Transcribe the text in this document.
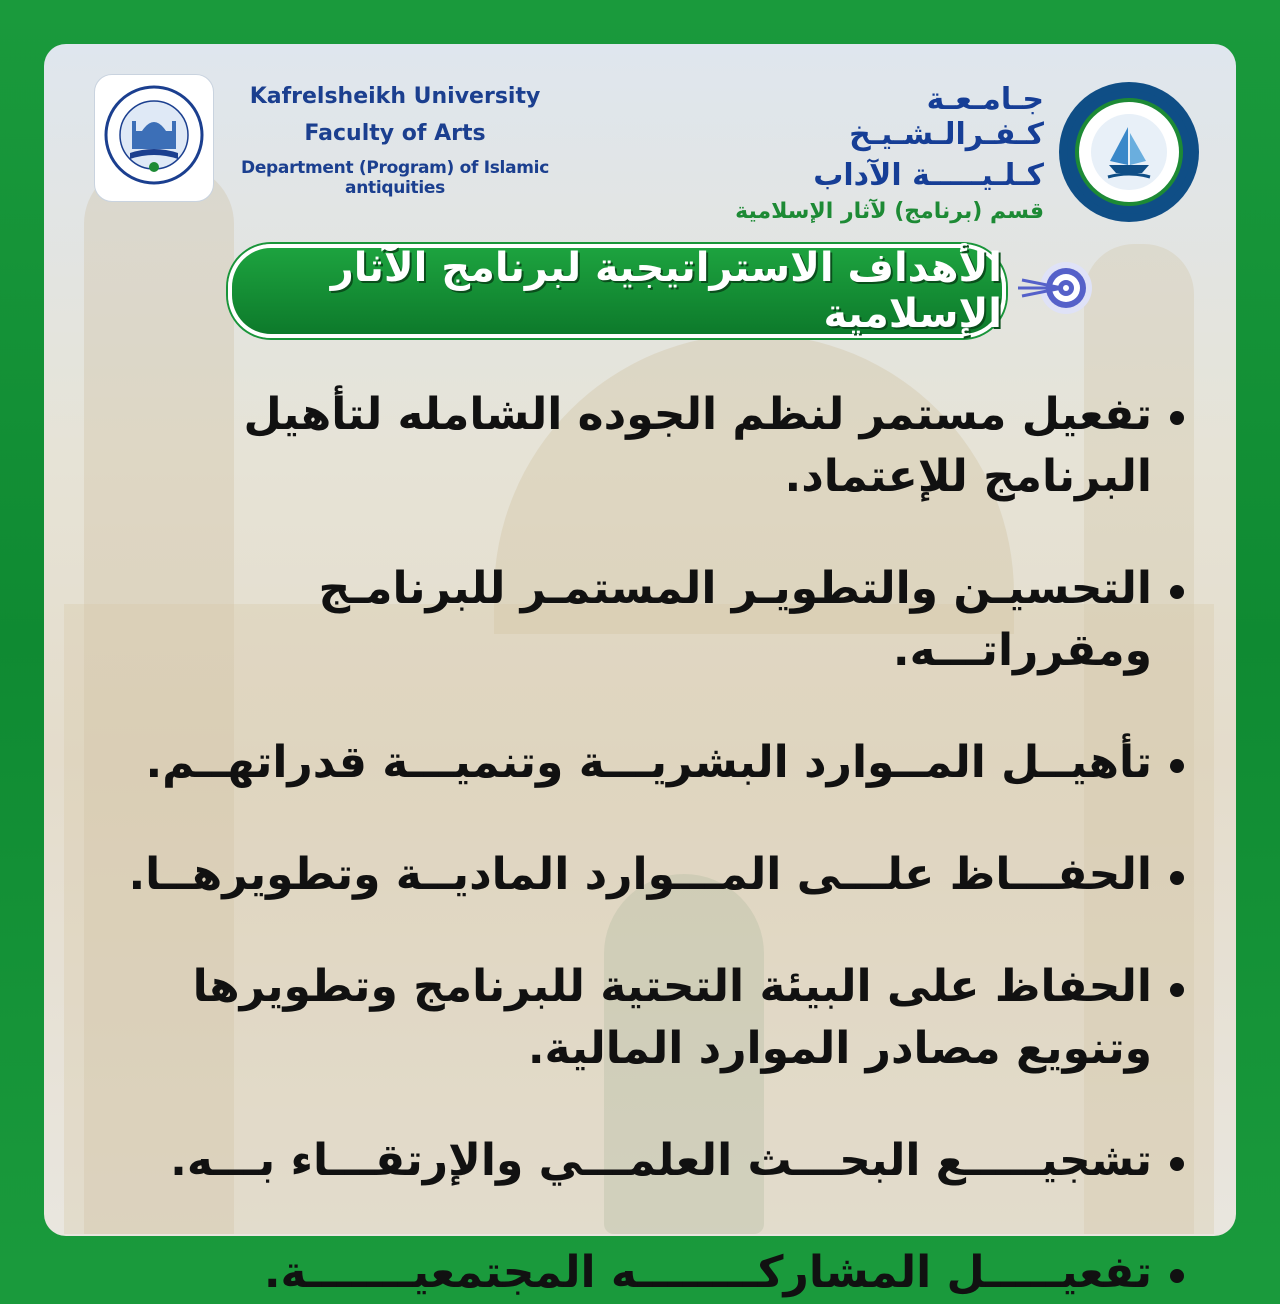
Kafrelsheikh University
Faculty of Arts
Department (Program) of Islamic antiquities
جـامـعـة كـفـرالـشـيـخ
كـلـيـــــة الآداب
قسم (برنامج) لآثار الإسلامية
الأهداف الاستراتيجية لبرنامج الآثار الإسلامية
تفعيل مستمر لنظم الجوده الشامله لتأهيل البرنامج للإعتماد.
التحسيـن والتطويـر المستمـر للبرنامـج ومقرراتـــه.
تأهيــل المــوارد البشريـــة وتنميـــة قدراتهــم.
الحفـــاظ علـــى المـــوارد الماديــة وتطويرهــا.
الحفاظ على البيئة التحتية للبرنامج وتطويرها وتنويع مصادر الموارد المالية.
تشجيـــــع البحـــث العلمـــي والإرتقـــاء بـــه.
تفعيـــــل المشاركــــــــه المجتمعيـــــــة.
